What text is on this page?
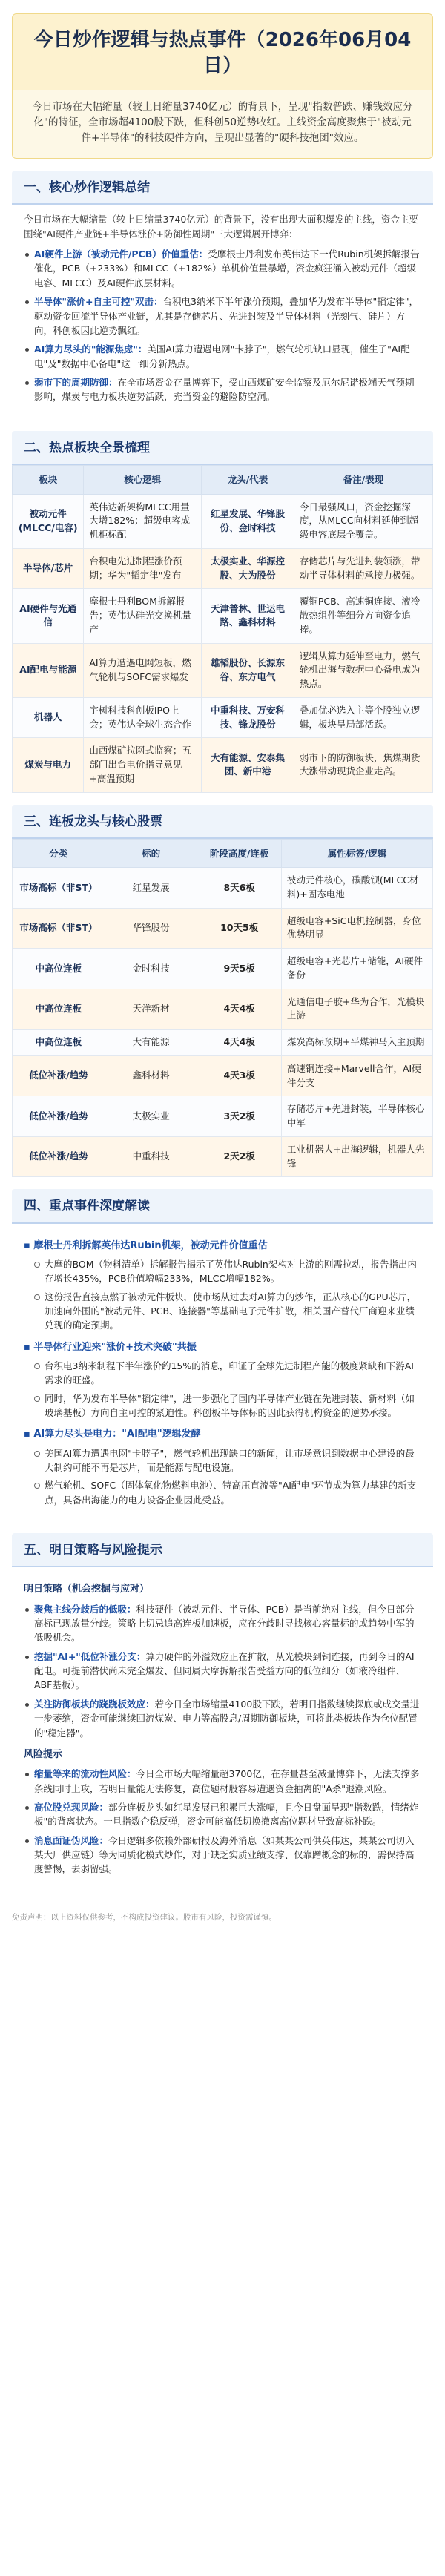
今日炒作逻辑与热点事件（2026年06月04日）
今日市场在大幅缩量（较上日缩量3740亿元）的背景下，呈现"指数普跌、赚钱效应分化"的特征，全市场超4100股下跌，但科创50逆势收红。主线资金高度聚焦于"被动元件+半导体"的科技硬件方向，呈现出显著的"硬科技抱团"效应。
一、核心炒作逻辑总结

今日市场在大幅缩量（较上日缩量3740亿元）的背景下，没有出现大面积爆发的主线，资金主要围绕"AI硬件产业链+半导体涨价+防御性周期"三大逻辑展开博弈：

AI硬件上游（被动元件/PCB）价值重估：受摩根士丹利发布英伟达下一代Rubin机架拆解报告催化，PCB（+233%）和MLCC（+182%）单机价值量暴增，资金疯狂涌入被动元件（超级电容、MLCC）及AI硬件底层材料。
半导体"涨价+自主可控"双击：台积电3纳米下半年涨价预期，叠加华为发布半导体"韬定律"，驱动资金回流半导体产业链，尤其是存储芯片、先进封装及半导体材料（光刻气、硅片）方向，科创板因此逆势飘红。
AI算力尽头的"能源焦虑"：美国AI算力遭遇电网"卡脖子"，燃气轮机缺口显现，催生了"AI配电"及"数据中心备电"这一细分新热点。
弱市下的周期防御：在全市场资金存量博弈下，受山西煤矿安全监察及厄尔尼诺极端天气预期影响，煤炭与电力板块逆势活跃，充当资金的避险防空洞。
二、热点板块全景梳理
板块	核心逻辑	龙头/代表	备注/表现
被动元件(MLCC/电容)	英伟达新架构MLCC用量大增182%；超级电容成机柜标配	红星发展、华锋股份、金时科技	今日最强风口，资金挖掘深度，从MLCC向材料延伸到超级电容底层全覆盖。
半导体/芯片	台积电先进制程涨价预期；华为"韬定律"发布	太极实业、华源控股、大为股份	存储芯片与先进封装领涨，带动半导体材料的承接力极强。
AI硬件与光通信	摩根士丹利BOM拆解报告；英伟达硅光交换机量产	天津普林、世运电路、鑫科材料	覆铜PCB、高速铜连接、液冷散热组件等细分方向资金追捧。
AI配电与能源	AI算力遭遇电网短板，燃气轮机与SOFC需求爆发	雄韬股份、长源东谷、东方电气	逻辑从算力延伸至电力，燃气轮机出海与数据中心备电成为热点。
机器人	宇树科技科创板IPO上会；英伟达全球生态合作	中重科技、万安科技、锋龙股份	叠加优必选入主等个股独立逻辑，板块呈局部活跃。
煤炭与电力	山西煤矿拉网式监察；五部门出台电价指导意见+高温预期	大有能源、安泰集团、新中港	弱市下的防御板块，焦煤期货大涨带动现货企业走高。
三、连板龙头与核心股票
分类	标的	阶段高度/连板	属性标签/逻辑
市场高标（非ST）	红星发展	8天6板	被动元件核心，碳酸钡(MLCC材料)+固态电池
市场高标（非ST）	华锋股份	10天5板	超级电容+SiC电机控制器，身位优势明显
中高位连板	金时科技	9天5板	超级电容+光芯片+储能，AI硬件备份
中高位连板	天洋新材	4天4板	光通信电子胶+华为合作，光模块上游
中高位连板	大有能源	4天4板	煤炭高标预期+平煤神马入主预期
低位补涨/趋势	鑫科材料	4天3板	高速铜连接+Marvell合作，AI硬件分支
低位补涨/趋势	太极实业	3天2板	存储芯片+先进封装，半导体核心中军
低位补涨/趋势	中重科技	2天2板	工业机器人+出海逻辑，机器人先锋
四、重点事件深度解读
▪ 摩根士丹利拆解英伟达Rubin机架，被动元件价值重估
大摩的BOM（物料清单）拆解报告揭示了英伟达Rubin架构对上游的刚需拉动，报告指出内存增长435%，PCB价值增幅233%，MLCC增幅182%。
这份报告直接点燃了被动元件板块，使市场从过去对AI算力的炒作，正从核心的GPU芯片，加速向外围的"被动元件、PCB、连接器"等基础电子元件扩散，相关国产替代厂商迎来业绩兑现的确定预期。
▪ 半导体行业迎来"涨价+技术突破"共振
台积电3纳米制程下半年涨价约15%的消息，印证了全球先进制程产能的极度紧缺和下游AI需求的旺盛。
同时，华为发布半导体"韬定律"，进一步强化了国内半导体产业链在先进封装、新材料（如玻璃基板）方向自主可控的紧迫性。科创板半导体标的因此获得机构资金的逆势承接。
▪ AI算力尽头是电力："AI配电"逻辑发酵
美国AI算力遭遇电网"卡脖子"，燃气轮机出现缺口的新闻，让市场意识到数据中心建设的最大制约可能不再是芯片，而是能源与配电设施。
燃气轮机、SOFC（固体氧化物燃料电池）、特高压直流等"AI配电"环节成为算力基建的新支点，具备出海能力的电力设备企业因此受益。
五、明日策略与风险提示
明日策略（机会挖掘与应对）
聚焦主线分歧后的低吸：科技硬件（被动元件、半导体、PCB）是当前绝对主线，但今日部分高标已现放量分歧。策略上切忌追高连板加速板，应在分歧时寻找核心容量标的或趋势中军的低吸机会。
挖掘"AI+"低位补涨分支：算力硬件的外溢效应正在扩散，从光模块到铜连接，再到今日的AI配电。可提前潜伏尚未完全爆发、但同属大摩拆解报告受益方向的低位细分（如液冷组件、ABF基板）。
关注防御板块的跷跷板效应：若今日全市场缩量4100股下跌，若明日指数继续探底或成交量进一步萎缩，资金可能继续回流煤炭、电力等高股息/周期防御板块，可将此类板块作为仓位配置的"稳定器"。
风险提示
缩量等来的流动性风险：今日全市场大幅缩量超3700亿，在存量甚至减量博弈下，无法支撑多条线同时上攻，若明日量能无法修复，高位题材股容易遭遇资金抽离的"A杀"退潮风险。
高位股兑现风险：部分连板龙头如红星发展已积累巨大涨幅，且今日盘面呈现"指数跌，情绪炸板"的背离状态。一旦指数企稳反弹，资金可能高低切换撤离高位题材导致高标补跌。
消息面证伪风险：今日逻辑多依赖外部研报及海外消息（如某某公司供英伟达，某某公司切入某大厂供应链）等为同质化模式炒作，对于缺乏实质业绩支撑、仅靠蹭概念的标的，需保持高度警惕，去弱留强。
免责声明：以上资料仅供参考，不构成投资建议。股市有风险，投资需谨慎。
